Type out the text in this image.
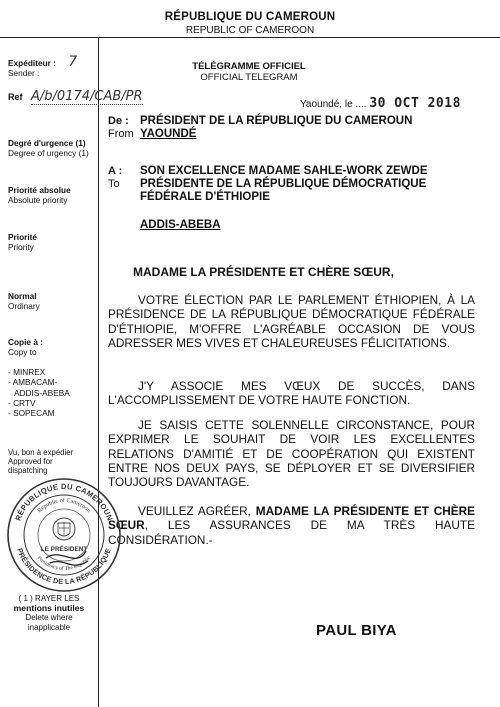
RÉPUBLIQUE DU CAMEROUN
REPUBLIC OF CAMEROON
Expéditeur : 7
Sender :
Ref A/b/0174/CAB/PR
Degré d'urgence (1)
Degree of urgency (1)
Priorité absolue
Absolute priority
Priorité
Priority
Normal
Ordinary
Copie à :
Copy to
- MINREX
- AMBACAM-
ADDIS-ABEBA
- CRTV
- SOPECAM
Vu, bon à expédier
Approved for
dispatching
TÉLÉGRAMME OFFICIEL
OFFICIAL TELEGRAM
Yaoundé, le .... 30 OCT 2018
De :
From
PRÉSIDENT DE LA RÉPUBLIQUE DU CAMEROUN
YAOUNDÉ
A :
To
SON EXCELLENCE MADAME SAHLE-WORK ZEWDE
PRÉSIDENTE DE LA RÉPUBLIQUE DÉMOCRATIQUE
FÉDÉRALE D'ÉTHIOPIE
ADDIS-ABEBA
MADAME LA PRÉSIDENTE ET CHÈRE SŒUR,
VOTRE ÉLECTION PAR LE PARLEMENT ÉTHIOPIEN, À LA PRÉSIDENCE DE LA RÉPUBLIQUE DÉMOCRATIQUE FÉDÉRALE D'ÉTHIOPIE, M'OFFRE L'AGRÉABLE OCCASION DE VOUS ADRESSER MES VIVES ET CHALEUREUSES FÉLICITATIONS.
J'Y ASSOCIE MES VŒUX DE SUCCÈS, DANS L'ACCOMPLISSEMENT DE VOTRE HAUTE FONCTION.
JE SAISIS CETTE SOLENNELLE CIRCONSTANCE, POUR EXPRIMER LE SOUHAIT DE VOIR LES EXCELLENTES RELATIONS D'AMITIÉ ET DE COOPÉRATION QUI EXISTENT ENTRE NOS DEUX PAYS, SE DÉPLOYER ET SE DIVERSIFIER TOUJOURS DAVANTAGE.
VEUILLEZ AGRÉER, MADAME LA PRÉSIDENTE ET CHÈRE SŒUR, LES ASSURANCES DE MA TRÈS HAUTE CONSIDÉRATION.-
PAUL BIYA
RÉPUBLIQUE DU CAMEROUN
PRÉSIDENCE DE LA RÉPUBLIQUE
Republic of Cameroon
Presidency of The Republic
LE PRÉSIDENT
( 1 ) RAYER LES
mentions inutiles
Delete where
inapplicable
